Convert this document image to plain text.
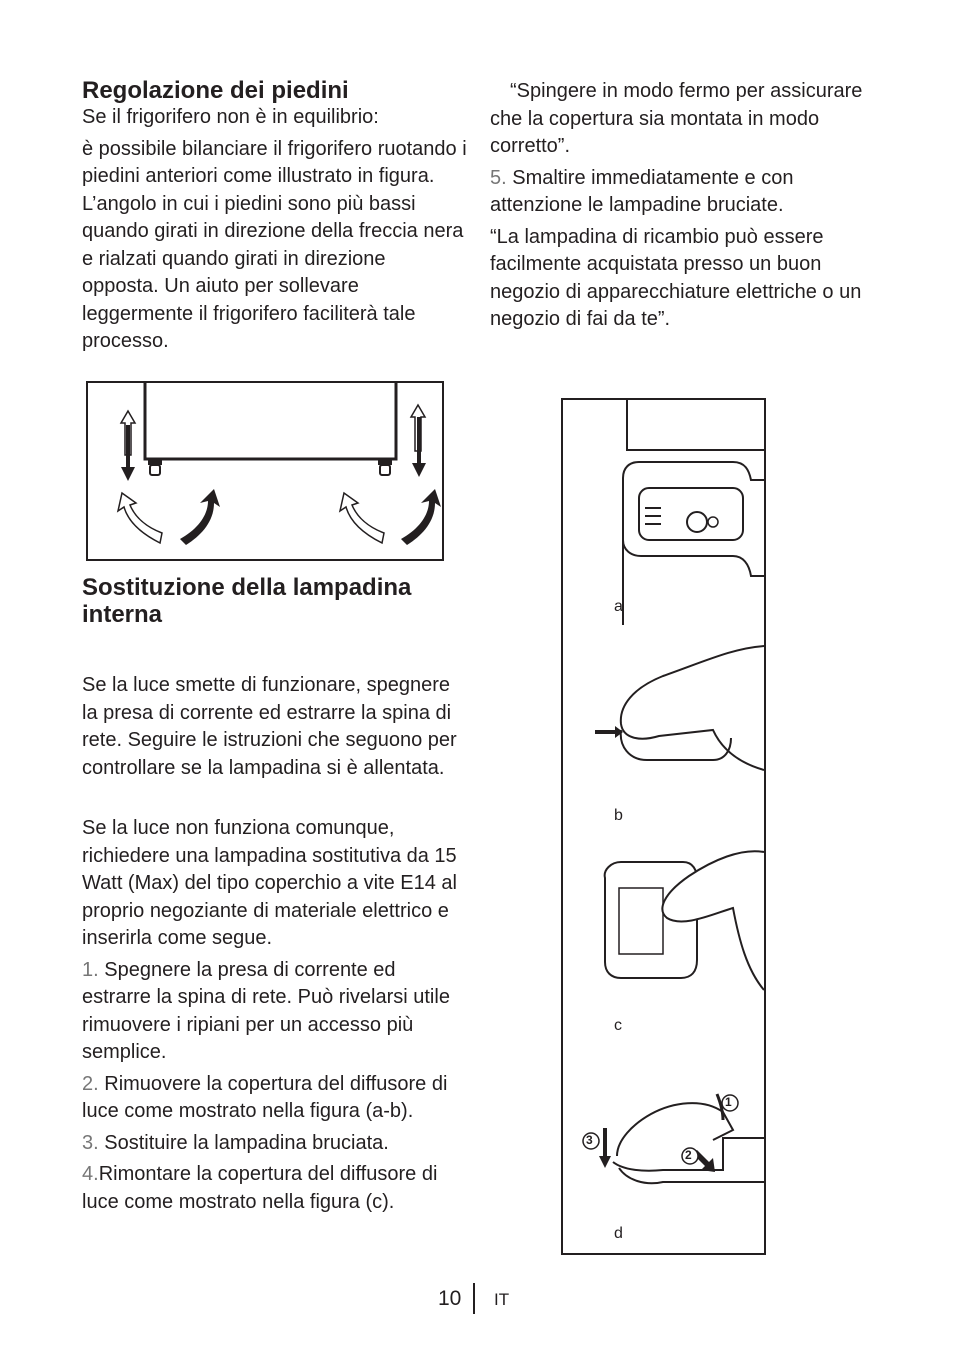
Regolazione dei piedini

Se il frigorifero non è in equilibrio:

è possibile bilanciare il frigorifero ruotando i piedini anteriori come illustrato in figura. L’angolo in cui i piedini sono più bassi quando girati in direzione della freccia nera e rialzati quando girati in direzione opposta. Un aiuto per sollevare leggermente il frigorifero faciliterà tale processo.

Sostituzione della lampadina interna

Se la luce smette di funzionare, spegnere la presa di corrente ed estrarre la spina di rete. Seguire le istruzioni che seguono per controllare se la lampadina si è allentata.

Se la luce non funziona comunque, richiedere una lampadina sostitutiva da 15 Watt (Max) del tipo coperchio a vite E14 al proprio negoziante di materiale elettrico e inserirla come segue.

1. Spegnere la presa di corrente ed estrarre la spina di rete. Può rivelarsi utile rimuovere i ripiani per un accesso più semplice.

2. Rimuovere la copertura del diffusore di luce come mostrato nella figura (a-b).

3. Sostituire la lampadina bruciata.

4.Rimontare la copertura del diffusore di luce come mostrato nella figura (c).

“Spingere in modo fermo per assicurare che la copertura sia montata in modo corretto”.

5. Smaltire immediatamente e con attenzione le lampadine bruciate.

“La lampadina di ricambio può essere facilmente acquistata presso un buon negozio di apparecchiature elettriche o un negozio di fai da te”.

a
b
c
d
1
3
2
10 IT
